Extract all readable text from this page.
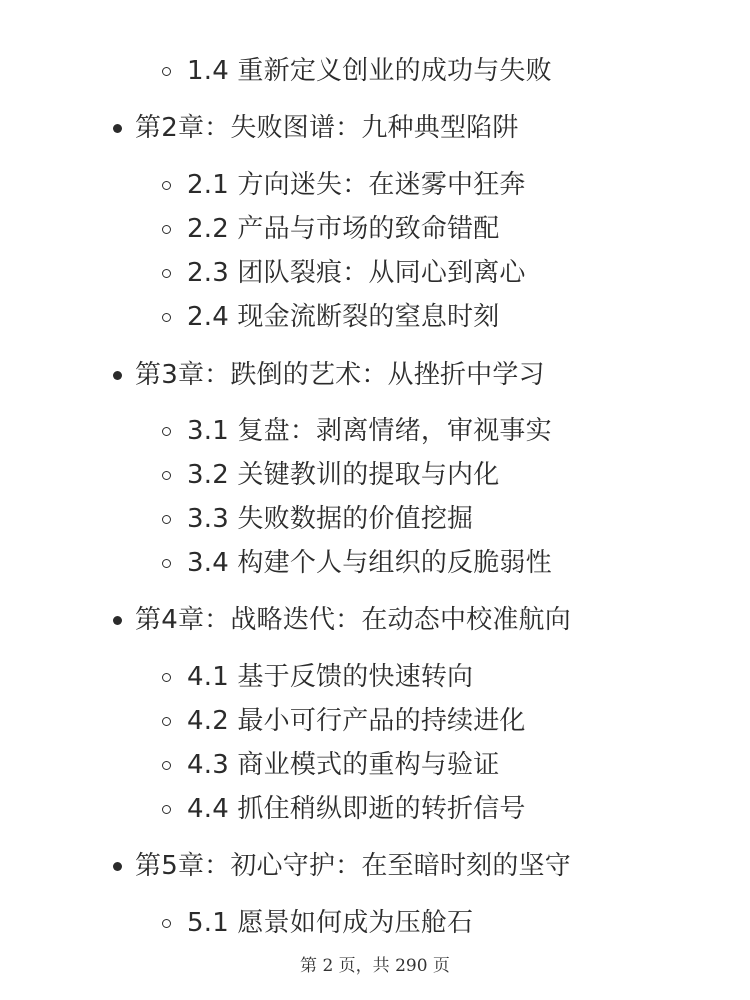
1.4 重新定义创业的成功与失败
第2章：失败图谱：九种典型陷阱
2.1 方向迷失：在迷雾中狂奔
2.2 产品与市场的致命错配
2.3 团队裂痕：从同心到离心
2.4 现金流断裂的窒息时刻
第3章：跌倒的艺术：从挫折中学习
3.1 复盘：剥离情绪，审视事实
3.2 关键教训的提取与内化
3.3 失败数据的价值挖掘
3.4 构建个人与组织的反脆弱性
第4章：战略迭代：在动态中校准航向
4.1 基于反馈的快速转向
4.2 最小可行产品的持续进化
4.3 商业模式的重构与验证
4.4 抓住稍纵即逝的转折信号
第5章：初心守护：在至暗时刻的坚守
5.1 愿景如何成为压舱石
第 2 页，共 290 页
